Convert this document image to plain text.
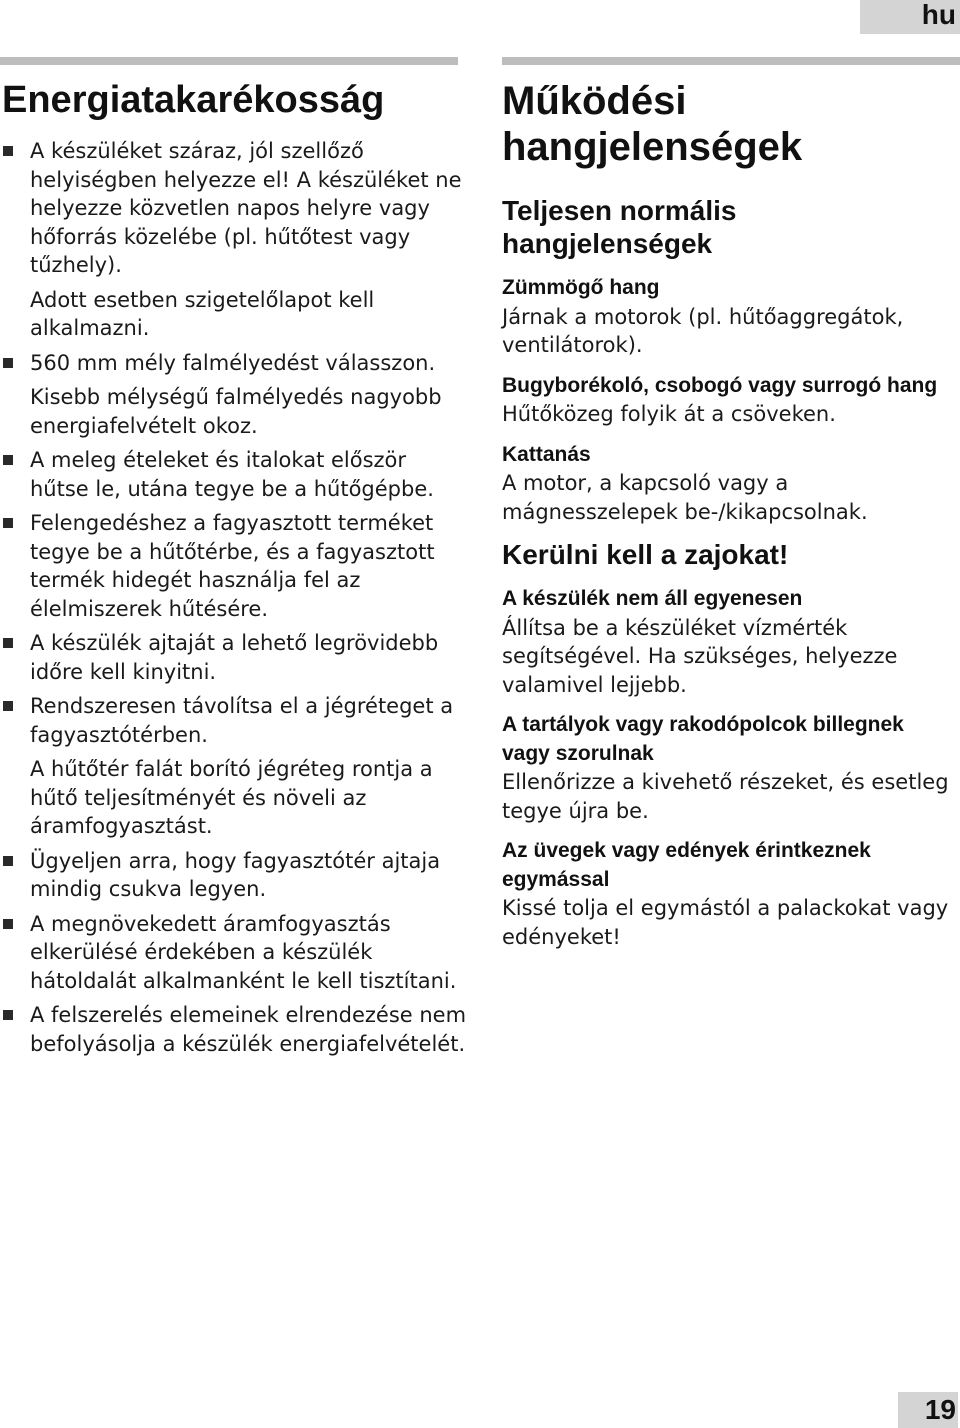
hu
Energiatakarékosság

A készüléket száraz, jól szellőző helyiségben helyezze el! A készüléket ne helyezze közvetlen napos helyre vagy hőforrás közelébe (pl. hűtőtest vagy tűzhely).

Adott esetben szigetelőlapot kell alkalmazni.

560 mm mély falmélyedést válasszon.

Kisebb mélységű falmélyedés nagyobb energiafelvételt okoz.

A meleg ételeket és italokat először hűtse le, utána tegye be a hűtőgépbe.

Felengedéshez a fagyasztott terméket tegye be a hűtőtérbe, és a fagyasztott termék hidegét használja fel az élelmiszerek hűtésére.

A készülék ajtaját a lehető legrövidebb időre kell kinyitni.

Rendszeresen távolítsa el a jégréteget a fagyasztótérben.

A hűtőtér falát borító jégréteg rontja a hűtő teljesítményét és növeli az áramfogyasztást.

Ügyeljen arra, hogy fagyasztótér ajtaja mindig csukva legyen.

A megnövekedett áramfogyasztás elkerülésé érdekében a készülék hátoldalát alkalmanként le kell tisztítani.

A felszerelés elemeinek elrendezése nem befolyásolja a készülék energiafelvételét.

Működési hangjelenségek
Teljesen normális hangjelenségek
Zümmögő hang

Járnak a motorok (pl. hűtőaggregátok, ventilátorok).

Bugyborékoló, csobogó vagy surrogó hang

Hűtőközeg folyik át a csöveken.

Kattanás

A motor, a kapcsoló vagy a mágnesszelepek be-/kikapcsolnak.

Kerülni kell a zajokat!
A készülék nem áll egyenesen

Állítsa be a készüléket vízmérték segítségével. Ha szükséges, helyezze valamivel lejjebb.

A tartályok vagy rakodópolcok billegnek vagy szorulnak

Ellenőrizze a kivehető részeket, és esetleg tegye újra be.

Az üvegek vagy edények érintkeznek egymással

Kissé tolja el egymástól a palackokat vagy edényeket!

19
